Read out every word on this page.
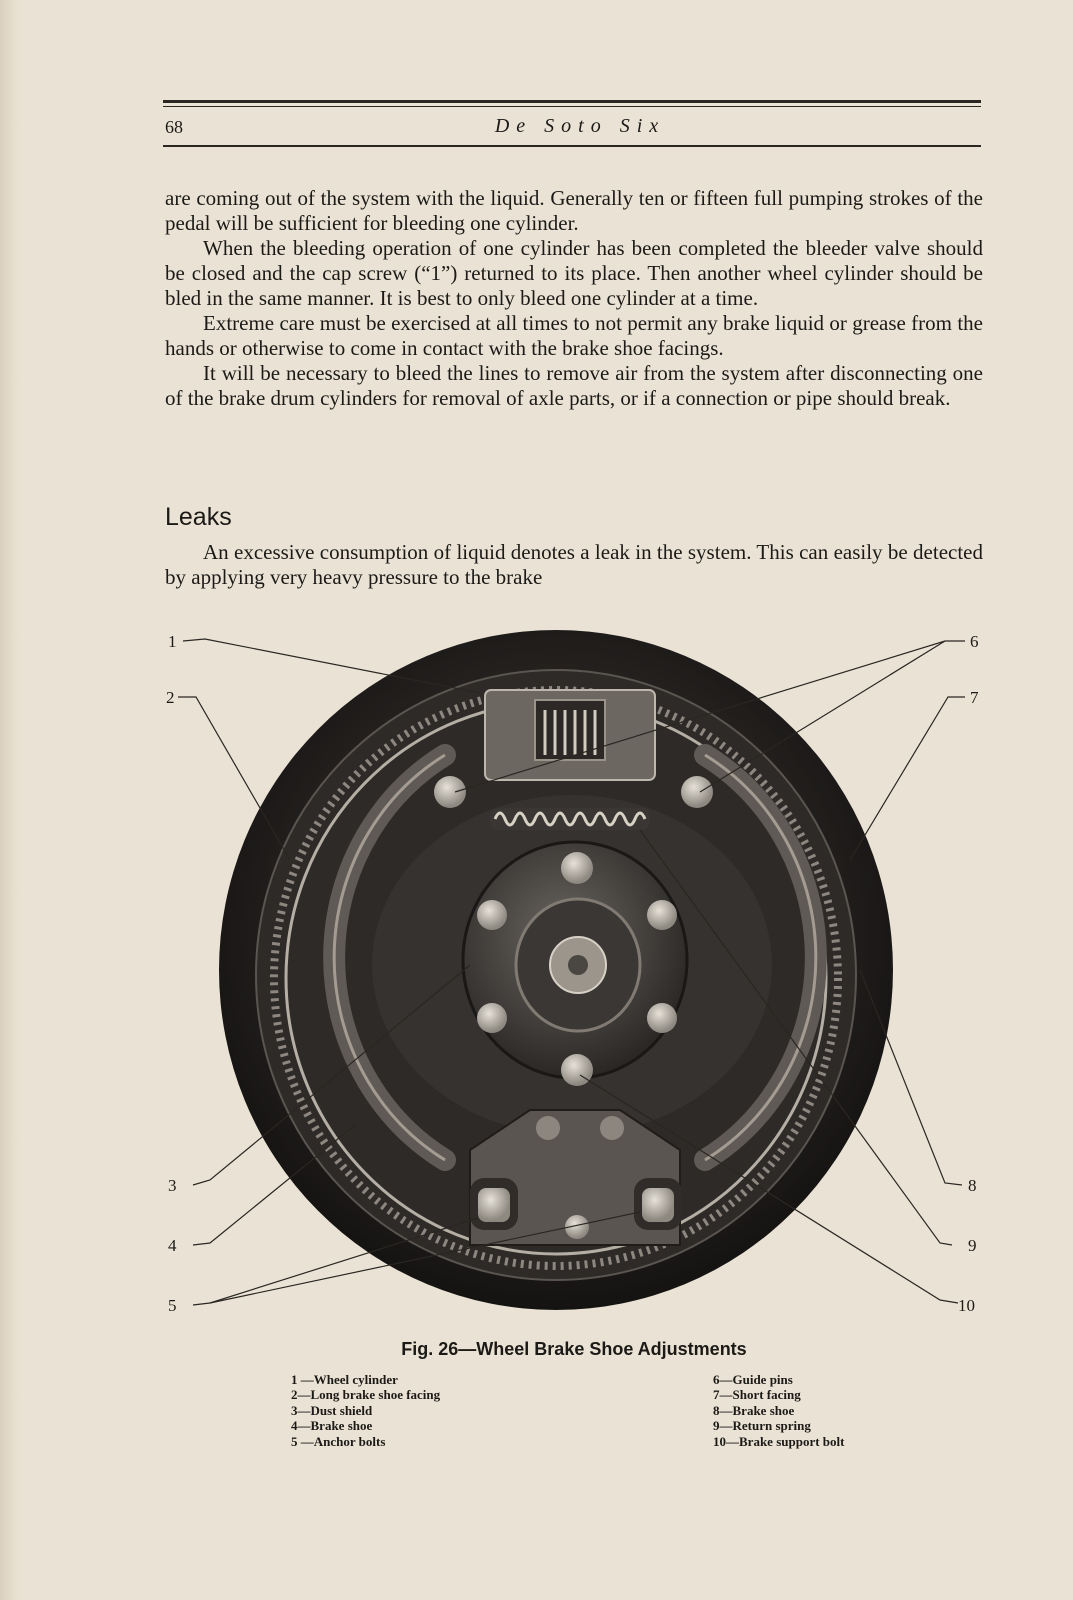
68	De Soto Six

are coming out of the system with the liquid. Generally ten or fifteen full pumping strokes of the pedal will be sufficient for bleeding one cylinder.

When the bleeding operation of one cylinder has been completed the bleeder valve should be closed and the cap screw (“1”) returned to its place. Then another wheel cylinder should be bled in the same manner. It is best to only bleed one cylinder at a time.

Extreme care must be exercised at all times to not permit any brake liquid or grease from the hands or otherwise to come in contact with the brake shoe facings.

It will be necessary to bleed the lines to remove air from the system after disconnecting one of the brake drum cylinders for removal of axle parts, or if a connection or pipe should break.

Leaks

An excessive consumption of liquid denotes a leak in the system. This can easily be detected by applying very heavy pressure to the brake

1
2
3
4
5
6
7
8
9
10
Fig. 26—Wheel Brake Shoe Adjustments
1 —Wheel cylinder
2—Long brake shoe facing
3—Dust shield
4—Brake shoe
5 —Anchor bolts
6—Guide pins
7—Short facing
8—Brake shoe
9—Return spring
10—Brake support bolt
